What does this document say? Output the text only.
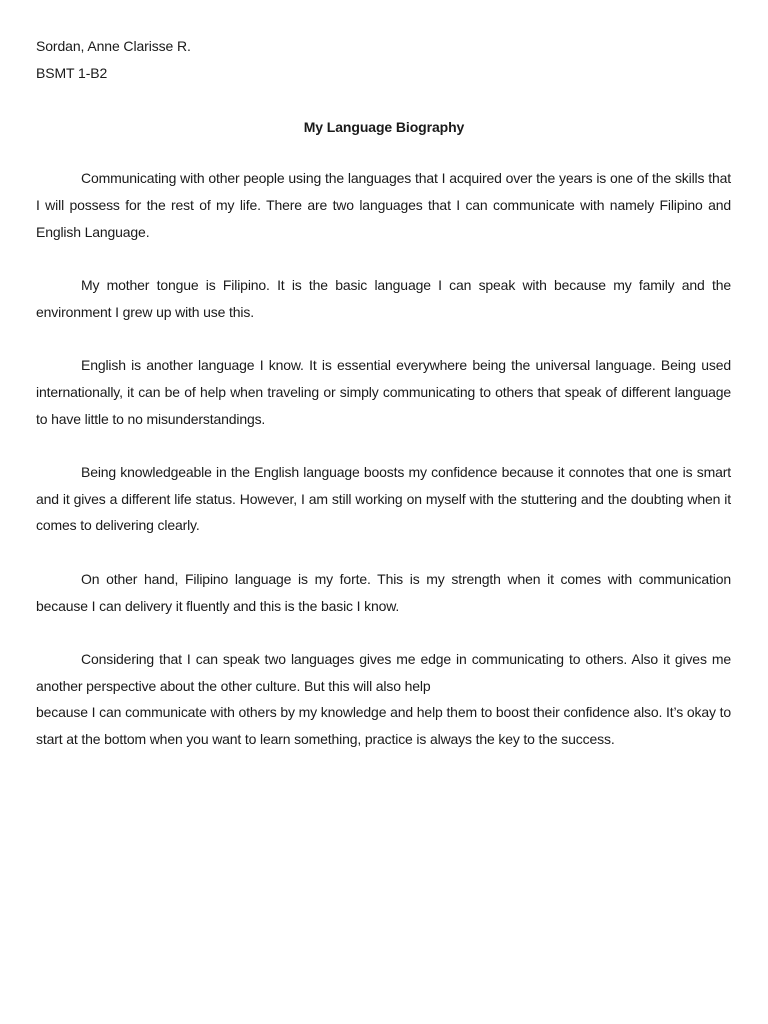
Sordan, Anne Clarisse R.
BSMT 1-B2
My Language Biography

Communicating with other people using the languages that I acquired over the years is one of the skills that I will possess for the rest of my life. There are two languages that I can communicate with namely Filipino and English Language.

My mother tongue is Filipino. It is the basic language I can speak with because my family and the environment I grew up with use this.

English is another language I know. It is essential everywhere being the universal language. Being used internationally, it can be of help when traveling or simply communicating to others that speak of different language to have little to no misunderstandings.

Being knowledgeable in the English language boosts my confidence because it connotes that one is smart and it gives a different life status. However, I am still working on myself with the stuttering and the doubting when it comes to delivering clearly.

On other hand, Filipino language is my forte. This is my strength when it comes with communication because I can delivery it fluently and this is the basic I know.

Considering that I can speak two languages gives me edge in communicating to others. Also it gives me another perspective about the other culture. But this will also help

because I can communicate with others by my knowledge and help them to boost their confidence also. It’s okay to start at the bottom when you want to learn something, practice is always the key to the success.
